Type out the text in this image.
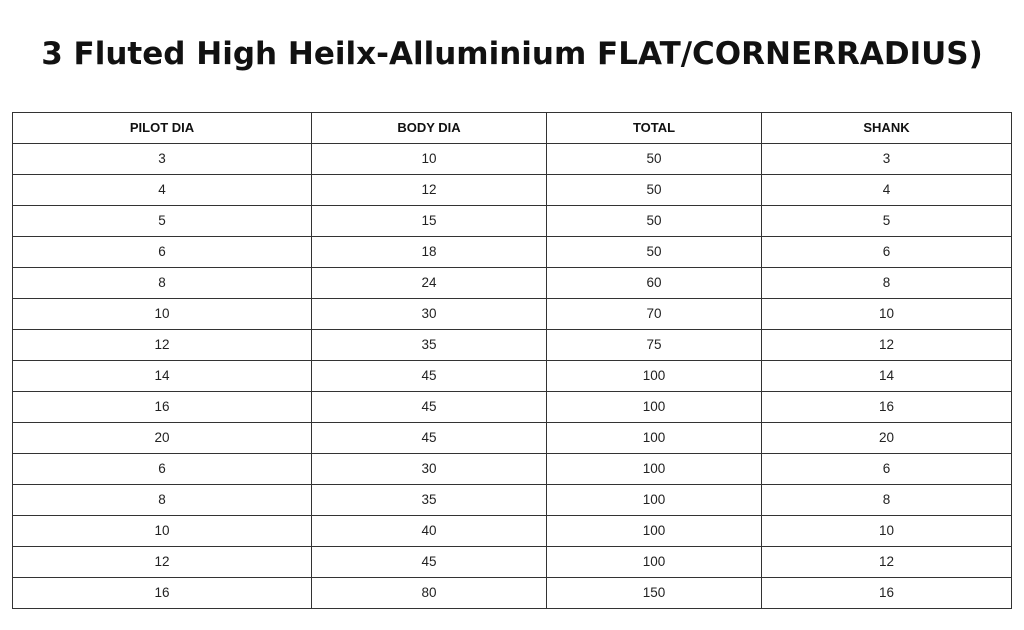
3 Fluted High Heilx-Alluminium FLAT/CORNERRADIUS)
PILOT DIA	BODY DIA	TOTAL	SHANK
3	10	50	3
4	12	50	4
5	15	50	5
6	18	50	6
8	24	60	8
10	30	70	10
12	35	75	12
14	45	100	14
16	45	100	16
20	45	100	20
6	30	100	6
8	35	100	8
10	40	100	10
12	45	100	12
16	80	150	16
